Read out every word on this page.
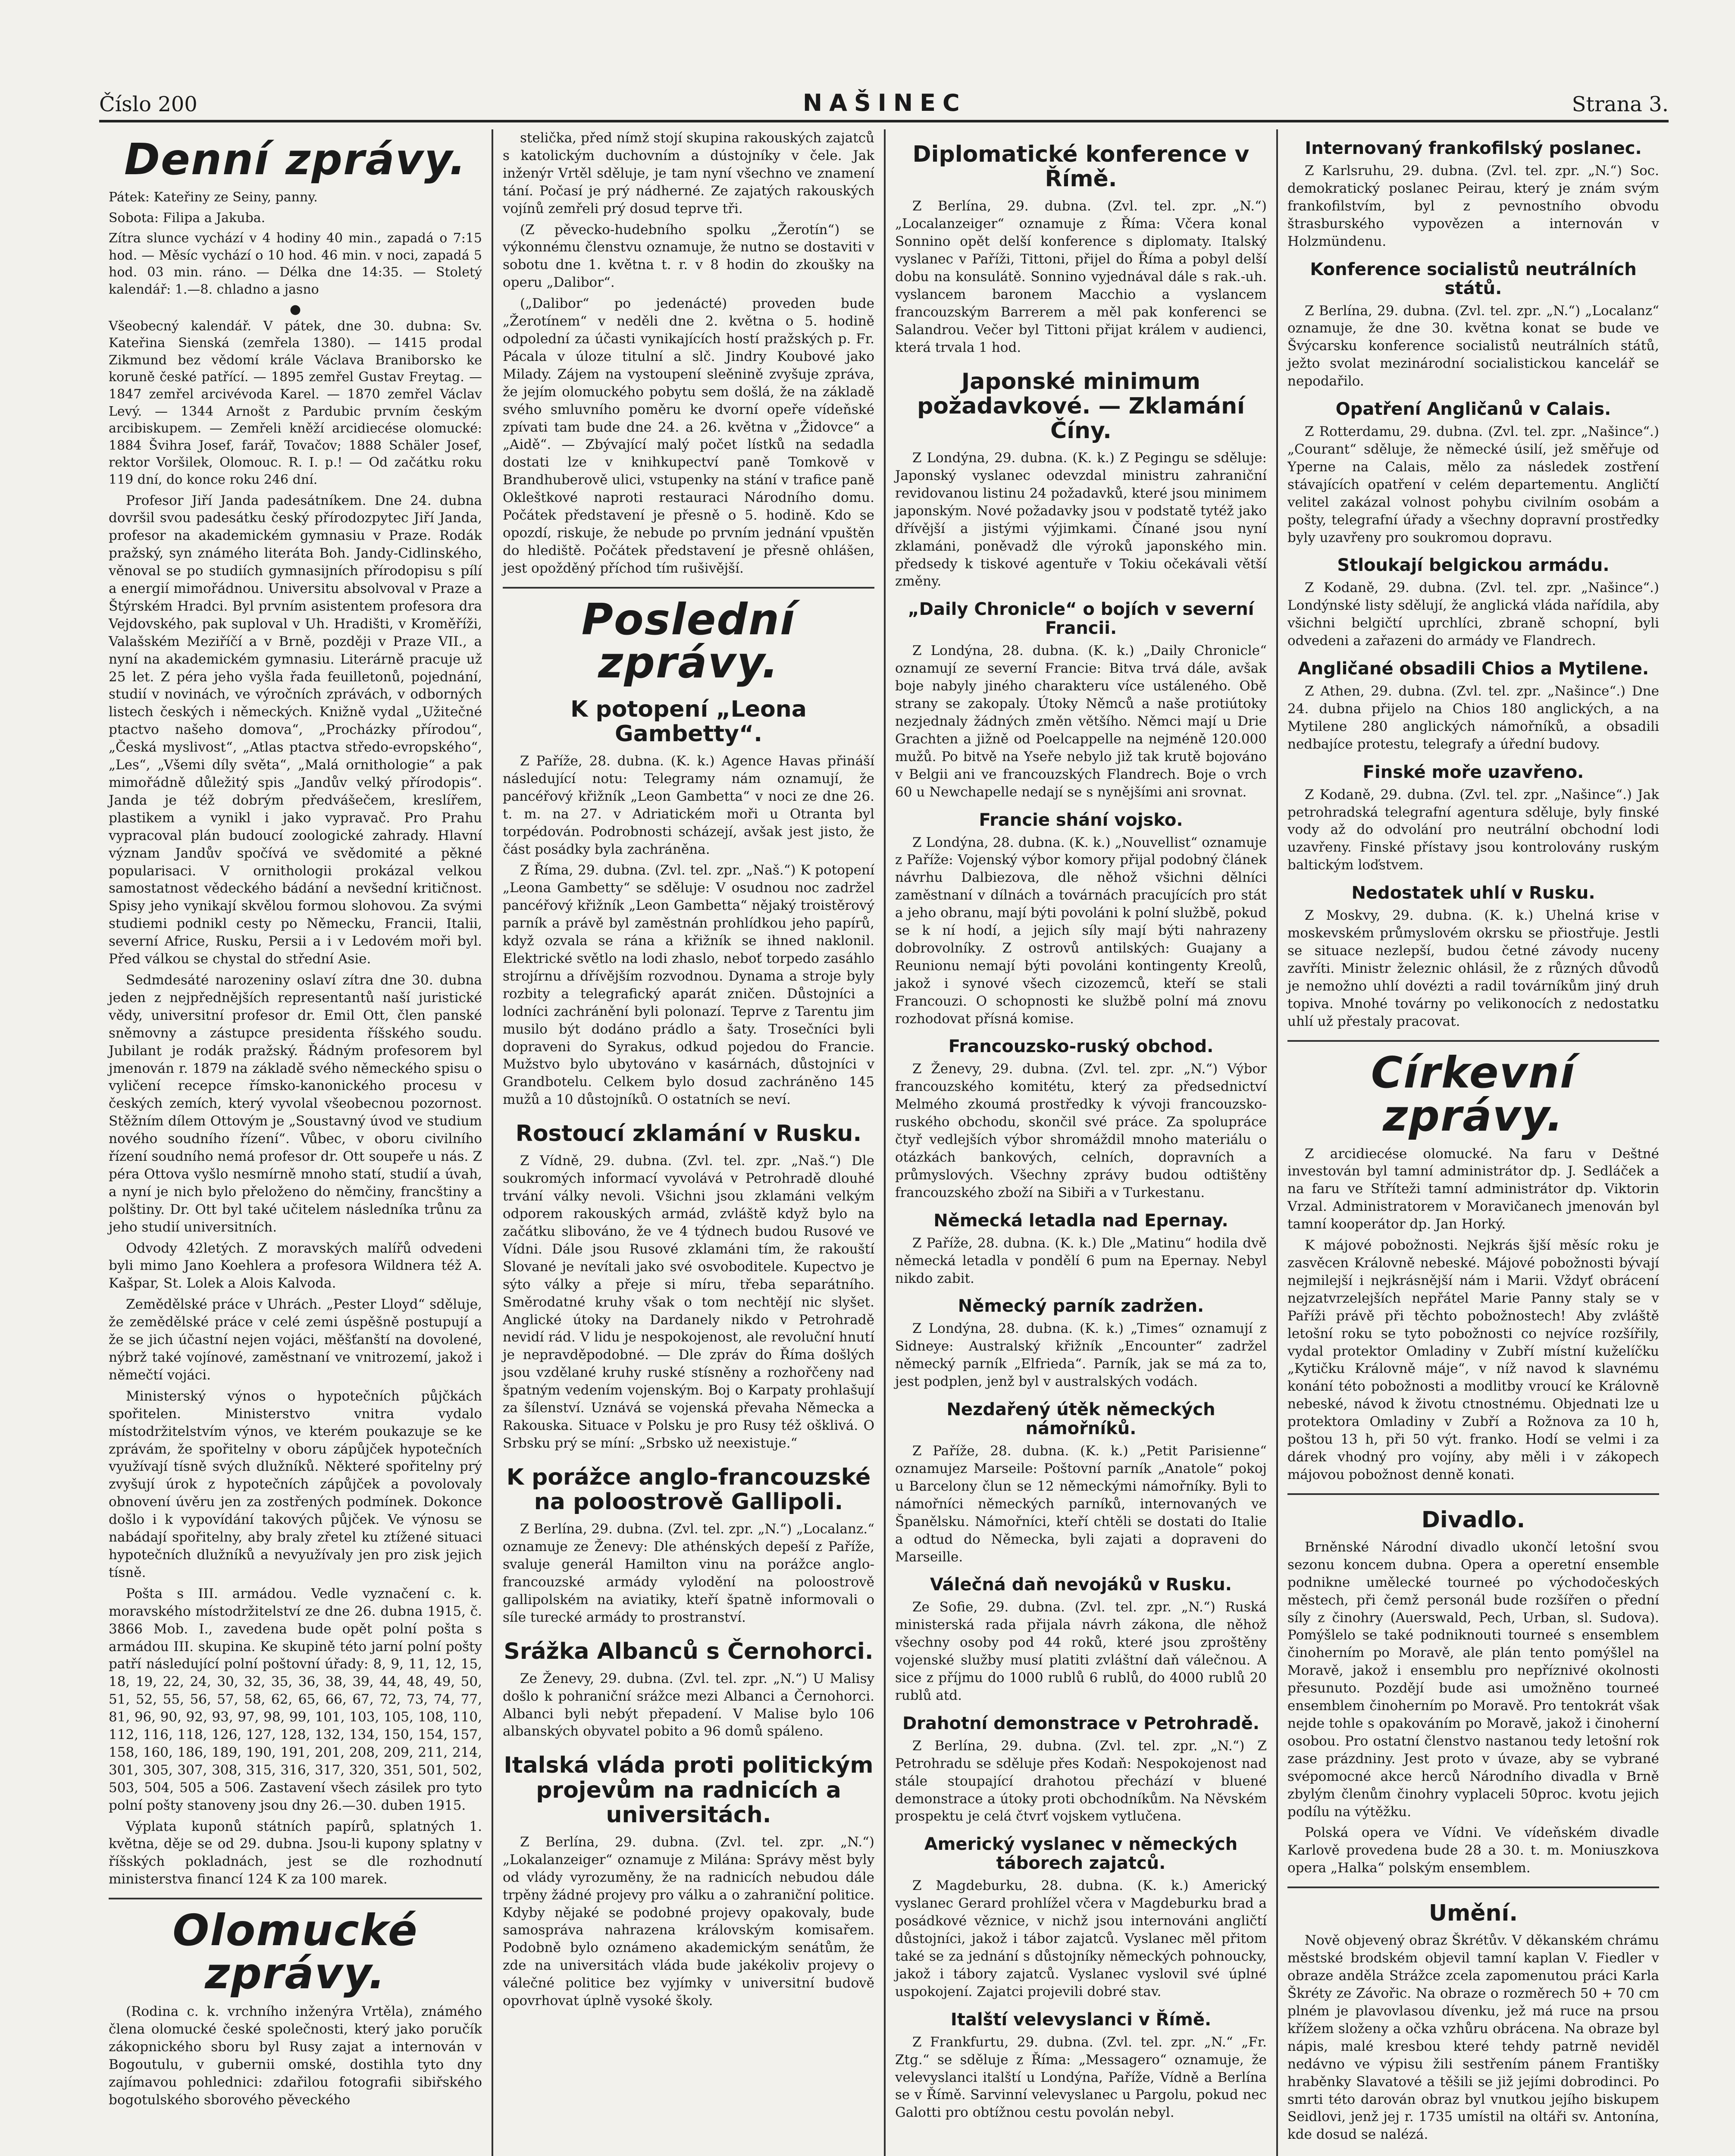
Číslo 200	NAŠINEC	Strana 3.
Denní zprávy.

Pátek: Kateřiny ze Seiny, panny.

Sobota: Filipa a Jakuba.

Zítra slunce vychází v 4 hodiny 40 min., zapadá o 7:15 hod. — Měsíc vychází o 10 hod. 46 min. v noci, zapadá 5 hod. 03 min. ráno. — Délka dne 14:35. — Stoletý kalendář: 1.—8. chladno a jasno

●

Všeobecný kalendář. V pátek, dne 30. dubna: Sv. Kateřina Sienská (zemřela 1380). — 1415 prodal Zikmund bez vědomí krále Václava Braniborsko ke koruně české patřící. — 1895 zemřel Gustav Freytag. — 1847 zemřel arcivévoda Karel. — 1870 zemřel Václav Levý. — 1344 Arnošt z Pardubic prvním českým arcibiskupem. — Zemřeli kněží arcidiecése olomucké: 1884 Švihra Josef, farář, Tovačov; 1888 Schäler Josef, rektor Voršilek, Olomouc. R. I. p.! — Od začátku roku 119 dní, do konce roku 246 dní.

Profesor Jiří Janda padesátníkem. Dne 24. dubna dovršil svou padesátku český přírodozpytec Jiří Janda, profesor na akademickém gymnasiu v Praze. Rodák pražský, syn známého literáta Boh. Jandy-Cidlinského, věnoval se po studiích gymnasijních přírodopisu s pílí a energií mimořádnou. Universitu absolvoval v Praze a Štýrském Hradci. Byl prvním asistentem profesora dra Vejdovského, pak suploval v Uh. Hradišti, v Kroměříži, Valašském Meziříčí a v Brně, později v Praze VII., a nyní na akademickém gymnasiu. Literárně pracuje už 25 let. Z péra jeho vyšla řada feuilletonů, pojednání, studií v novinách, ve výročních zprávách, v odborných listech českých i německých. Knižně vydal „Užitečné ptactvo našeho domova“, „Procházky přírodou“, „Česká myslivost“, „Atlas ptactva středo-evropského“, „Les“, „Všemi díly světa“, „Malá ornithologie“ a pak mimořádně důležitý spis „Jandův velký přírodopis“. Janda je též dobrým předvášečem, kreslířem, plastikem a vynikl i jako vypravač. Pro Prahu vypracoval plán budoucí zoologické zahrady. Hlavní význam Jandův spočívá ve svědomité a pěkné popularisaci. V ornithologii prokázal velkou samostatnost vědeckého bádání a nevšední kritičnost. Spisy jeho vynikají skvělou formou slohovou. Za svými studiemi podnikl cesty po Německu, Francii, Italii, severní Africe, Rusku, Persii a i v Ledovém moři byl. Před válkou se chystal do střední Asie.

Sedmdesáté narozeniny oslaví zítra dne 30. dubna jeden z nejpřednějších representantů naší juristické vědy, universitní profesor dr. Emil Ott, člen panské sněmovny a zástupce presidenta říšského soudu. Jubilant je rodák pražský. Řádným profesorem byl jmenován r. 1879 na základě svého německého spisu o vyličení recepce římsko-kanonického procesu v českých zemích, který vyvolal všeobecnou pozornost. Stěžním dílem Ottovým je „Soustavný úvod ve studium nového soudního řízení“. Vůbec, v oboru civilního řízení soudního nemá profesor dr. Ott soupeře u nás. Z péra Ottova vyšlo nesmírně mnoho statí, studií a úvah, a nyní je nich bylo přeloženo do němčiny, francštiny a polštiny. Dr. Ott byl také učitelem následníka trůnu za jeho studií universitních.

Odvody 42letých. Z moravských malířů odvedeni byli mimo Jano Koehlera a profesora Wildnera též A. Kašpar, St. Lolek a Alois Kalvoda.

Zemědělské práce v Uhrách. „Pester Lloyd“ sděluje, že zemědělské práce v celé zemi úspěšně postupují a že se jich účastní nejen vojáci, měšťanští na dovolené, nýbrž také vojínové, zaměstnaní ve vnitrozemí, jakož i němečtí vojáci.

Ministerský výnos o hypotečních půjčkách spořitelen. Ministerstvo vnitra vydalo místodržitelstvím výnos, ve kterém poukazuje se ke zprávám, že spořitelny v oboru zápůjček hypotečních využívají tísně svých dlužníků. Některé spořitelny prý zvyšují úrok z hypotečních zápůjček a povolovaly obnovení úvěru jen za zostřených podmínek. Dokonce došlo i k vypovídání takových půjček. Ve výnosu se nabádají spořitelny, aby braly zřetel ku ztížené situaci hypotečních dlužníků a nevyužívaly jen pro zisk jejich tísně.

Pošta s III. armádou. Vedle vyznačení c. k. moravského místodržitelství ze dne 26. dubna 1915, č. 3866 Mob. I., zavedena bude opět polní pošta s armádou III. skupina. Ke skupině této jarní polní pošty patří následující polní poštovní úřady: 8, 9, 11, 12, 15, 18, 19, 22, 24, 30, 32, 35, 36, 38, 39, 44, 48, 49, 50, 51, 52, 55, 56, 57, 58, 62, 65, 66, 67, 72, 73, 74, 77, 81, 96, 90, 92, 93, 97, 98, 99, 101, 103, 105, 108, 110, 112, 116, 118, 126, 127, 128, 132, 134, 150, 154, 157, 158, 160, 186, 189, 190, 191, 201, 208, 209, 211, 214, 301, 305, 307, 308, 315, 316, 317, 320, 351, 501, 502, 503, 504, 505 a 506. Zastavení všech zásilek pro tyto polní pošty stanoveny jsou dny 26.—30. duben 1915.

Výplata kuponů státních papírů, splatných 1. května, děje se od 29. dubna. Jsou-li kupony splatny v říšských pokladnách, jest se dle rozhodnutí ministerstva financí 124 K za 100 marek.

Olomucké zprávy.

(Rodina c. k. vrchního inženýra Vrtěla), známého člena olomucké české společnosti, který jako poručík zákopnického sboru byl Rusy zajat a internován v Bogoutulu, v gubernii omské, dostihla tyto dny zajímavou pohlednici: zdařilou fotografii sibiřského bogotulského sborového pěveckého

stelička, před nímž stojí skupina rakouských zajatců s katolickým duchovním a dústojníky v čele. Jak inženýr Vrtěl sděluje, je tam nyní všechno ve znamení tání. Počasí je prý nádherné. Ze zajatých rakouských vojínů zemřeli prý dosud teprve tři.

(Z pěvecko-hudebního spolku „Žerotín“) se výkonnému členstvu oznamuje, že nutno se dostaviti v sobotu dne 1. května t. r. v 8 hodin do zkoušky na operu „Dalibor“.

(„Dalibor“ po jedenácté) proveden bude „Žerotínem“ v neděli dne 2. května o 5. hodině odpolední za účasti vynikajících hostí pražských p. Fr. Pácala v úloze titulní a slč. Jindry Koubové jako Milady. Zájem na vystoupení sleěnině zvyšuje zpráva, že jejím olomuckého pobytu sem došlá, že na základě svého smluvního poměru ke dvorní opeře vídeňské zpívati tam bude dne 24. a 26. května v „Židovce“ a „Aidě“. — Zbývající malý počet lístků na sedadla dostati lze v knihkupectví paně Tomkově v Brandhuberově ulici, vstupenky na stání v trafice paně Okleštkové naproti restauraci Národního domu. Počátek představení je přesně o 5. hodině. Kdo se opozdí, riskuje, že nebude po prvním jednání vpuštěn do hlediště. Počátek představení je přesně ohlášen, jest opožděný příchod tím rušivější.

Poslední zprávy.
K potopení „Leona Gambetty“.

Z Paříže, 28. dubna. (K. k.) Agence Havas přináší následující notu: Telegramy nám oznamují, že pancéřový křižník „Leon Gambetta“ v noci ze dne 26. t. m. na 27. v Adriatickém moři u Otranta byl torpédován. Podrobnosti scházejí, avšak jest jisto, že část posádky byla zachráněna.

Z Říma, 29. dubna. (Zvl. tel. zpr. „Naš.“) K potopení „Leona Gambetty“ se sděluje: V osudnou noc zadržel pancéřový křižník „Leon Gambetta“ nějaký troistěrový parník a právě byl zaměstnán prohlídkou jeho papírů, když ozvala se rána a křižník se ihned naklonil. Elektrické světlo na lodi zhaslo, neboť torpedo zasáhlo strojírnu a dřívějším rozvodnou. Dynama a stroje byly rozbity a telegrafický aparát zničen. Důstojníci a lodníci zachránění byli polonazí. Teprve z Tarentu jim musilo být dodáno prádlo a šaty. Trosečníci byli dopraveni do Syrakus, odkud pojedou do Francie. Mužstvo bylo ubytováno v kasárnách, důstojníci v Grandbotelu. Celkem bylo dosud zachráněno 145 mužů a 10 důstojníků. O ostatních se neví.

Rostoucí zklamání v Rusku.

Z Vídně, 29. dubna. (Zvl. tel. zpr. „Naš.“) Dle soukromých informací vyvolává v Petrohradě dlouhé trvání války nevoli. Všichni jsou zklamáni velkým odporem rakouských armád, zvláště když bylo na začátku slibováno, že ve 4 týdnech budou Rusové ve Vídni. Dále jsou Rusové zklamáni tím, že rakouští Slované je nevítali jako své osvoboditele. Kupectvo je sýto války a přeje si míru, třeba separátního. Směrodatné kruhy však o tom nechtějí nic slyšet. Anglické útoky na Dardanely nikdo v Petrohradě nevidí rád. V lidu je nespokojenost, ale revoluční hnutí je nepravděpodobné. — Dle zpráv do Říma došlých jsou vzdělané kruhy ruské stísněny a rozhořčeny nad špatným vedením vojenským. Boj o Karpaty prohlašují za šílenství. Uznává se vojenská převaha Německa a Rakouska. Situace v Polsku je pro Rusy též ošklivá. O Srbsku prý se míní: „Srbsko už neexistuje.“

K porážce anglo-francouzské na poloostrově Gallipoli.

Z Berlína, 29. dubna. (Zvl. tel. zpr. „N.“) „Localanz.“ oznamuje ze Ženevy: Dle athénských depeší z Paříže, svaluje generál Hamilton vinu na porážce anglo-francouzské armády vylodění na poloostrově gallipolském na aviatiky, kteří špatně informovali o síle turecké armády to prostranství.

Srážka Albanců s Černohorci.

Ze Ženevy, 29. dubna. (Zvl. tel. zpr. „N.“) U Malisy došlo k pohraniční srážce mezi Albanci a Černohorci. Albanci byli nebýt přepadení. V Malise bylo 106 albanských obyvatel pobito a 96 domů spáleno.

Italská vláda proti politickým projevům na radnicích a universitách.

Z Berlína, 29. dubna. (Zvl. tel. zpr. „N.“) „Lokalanzeiger“ oznamuje z Milána: Správy měst byly od vlády vyrozuměny, že na radnicích nebudou dále trpěny žádné projevy pro válku a o zahraniční politice. Kdyby nějaké se podobné projevy opakovaly, bude samospráva nahrazena královským komisařem. Podobně bylo oznámeno akademickým senátům, že zde na universitách vláda bude jakékoliv projevy o válečné politice bez vyjímky v universitní budově opovrhovat úplně vysoké školy.

Diplomatické konference v Římě.

Z Berlína, 29. dubna. (Zvl. tel. zpr. „N.“) „Localanzeiger“ oznamuje z Říma: Včera konal Sonnino opět delší konference s diplomaty. Italský vyslanec v Paříži, Tittoni, přijel do Říma a pobyl delší dobu na konsulátě. Sonnino vyjednával dále s rak.-uh. vyslancem baronem Macchio a vyslancem francouzským Barrerem a měl pak konferenci se Salandrou. Večer byl Tittoni přijat králem v audienci, která trvala 1 hod.

Japonské minimum požadavkové. — Zklamání Číny.

Z Londýna, 29. dubna. (K. k.) Z Pegingu se sděluje: Japonský vyslanec odevzdal ministru zahraniční revidovanou listinu 24 požadavků, které jsou minimem japonským. Nové požadavky jsou v podstatě tytéž jako dřívější a jistými výjimkami. Čínané jsou nyní zklamáni, poněvadž dle výroků japonského min. předsedy k tiskové agentuře v Tokiu očekávali větší změny.

„Daily Chronicle“ o bojích v severní Francii.

Z Londýna, 28. dubna. (K. k.) „Daily Chronicle“ oznamují ze severní Francie: Bitva trvá dále, avšak boje nabyly jiného charakteru více ustáleného. Obě strany se zakopaly. Útoky Němců a naše protiútoky nezjednaly žádných změn většího. Němci mají u Drie Grachten a jižně od Poelcappelle na nejméně 120.000 mužů. Po bitvě na Yseře nebylo již tak krutě bojováno v Belgii ani ve francouzských Flandrech. Boje o vrch 60 u Newchapelle nedají se s nynějšími ani srovnat.

Francie shání vojsko.

Z Londýna, 28. dubna. (K. k.) „Nouvellist“ oznamuje z Paříže: Vojenský výbor komory přijal podobný článek návrhu Dalbiezova, dle něhož všichni dělníci zaměstnaní v dílnách a továrnách pracujících pro stát a jeho obranu, mají býti povoláni k polní službě, pokud se k ní hodí, a jejich síly mají býti nahrazeny dobrovolníky. Z ostrovů antilských: Guajany a Reunionu nemají býti povoláni kontingenty Kreolů, jakož i synové všech cizozemců, kteří se stali Francouzi. O schopnosti ke službě polní má znovu rozhodovat přísná komise.

Francouzsko-ruský obchod.

Z Ženevy, 29. dubna. (Zvl. tel. zpr. „N.“) Výbor francouzského komitétu, který za předsednictví Melmého zkoumá prostředky k vývoji francouzsko-ruského obchodu, skončil své práce. Za spolupráce čtyř vedlejších výbor shromáždil mnoho materiálu o otázkách bankových, celních, dopravních a průmyslových. Všechny zprávy budou odtištěny francouzského zboží na Sibiři a v Turkestanu.

Německá letadla nad Epernay.

Z Paříže, 28. dubna. (K. k.) Dle „Matinu“ hodila dvě německá letadla v pondělí 6 pum na Epernay. Nebyl nikdo zabit.

Německý parník zadržen.

Z Londýna, 28. dubna. (K. k.) „Times“ oznamují z Sidneye: Australský křižník „Encounter“ zadržel německý parník „Elfrieda“. Parník, jak se má za to, jest podplen, jenž byl v australských vodách.

Nezdařený útěk německých námořníků.

Z Paříže, 28. dubna. (K. k.) „Petit Parisienne“ oznamujez Marseile: Poštovní parník „Anatole“ pokoj u Barcelony člun se 12 německými námořníky. Byli to námořníci německých parníků, internovaných ve Španělsku. Námořníci, kteří chtěli se dostati do Italie a odtud do Německa, byli zajati a dopraveni do Marseille.

Válečná daň nevojáků v Rusku.

Ze Sofie, 29. dubna. (Zvl. tel. zpr. „N.“) Ruská ministerská rada přijala návrh zákona, dle něhož všechny osoby pod 44 roků, které jsou zproštěny vojenské služby musí platiti zvláštní daň válečnou. A sice z příjmu do 1000 rublů 6 rublů, do 4000 rublů 20 rublů atd.

Drahotní demonstrace v Petrohradě.

Z Berlína, 29. dubna. (Zvl. tel. zpr. „N.“) Z Petrohradu se sděluje přes Kodaň: Nespokojenost nad stále stoupající drahotou přechází v bluené demonstrace a útoky proti obchodníkům. Na Něvském prospektu je celá čtvrť vojskem vytlučena.

Americký vyslanec v německých táborech zajatců.

Z Magdeburku, 28. dubna. (K. k.) Americký vyslanec Gerard prohlížel včera v Magdeburku brad a posádkové věznice, v nichž jsou internováni angličtí důstojníci, jakož i tábor zajatců. Vyslanec měl přitom také se za jednání s důstojníky německých pohnoucky, jakož i tábory zajatců. Vyslanec vyslovil své úplné uspokojení. Zajatci projevili dobré stav.

Italští velevyslanci v Římě.

Z Frankfurtu, 29. dubna. (Zvl. tel. zpr. „N.“ „Fr. Ztg.“ se sděluje z Říma: „Messagero“ oznamuje, že velevyslanci italští u Londýna, Paříže, Vídně a Berlína se v Římě. Sarvinní velevyslanec u Pargolu, pokud nec Galotti pro obtížnou cestu povolán nebyl.

Internovaný frankofilský poslanec.

Z Karlsruhu, 29. dubna. (Zvl. tel. zpr. „N.“) Soc. demokratický poslanec Peirau, který je znám svým frankofilstvím, byl z pevnostního obvodu štrasburského vypovězen a internován v Holzmündenu.

Konference socialistů neutrálních států.

Z Berlína, 29. dubna. (Zvl. tel. zpr. „N.“) „Localanz“ oznamuje, že dne 30. května konat se bude ve Švýcarsku konference socialistů neutrálních států, ježto svolat mezinárodní socialistickou kancelář se nepodařilo.

Opatření Angličanů v Calais.

Z Rotterdamu, 29. dubna. (Zvl. tel. zpr. „Našince“.) „Courant“ sděluje, že německé úsilí, jež směřuje od Yperne na Calais, mělo za následek zostření stávajících opatření v celém departementu. Angličtí velitel zakázal volnost pohybu civilním osobám a pošty, telegrafní úřady a všechny dopravní prostředky byly uzavřeny pro soukromou dopravu.

Stloukají belgickou armádu.

Z Kodaně, 29. dubna. (Zvl. tel. zpr. „Našince“.) Londýnské listy sdělují, že anglická vláda nařídila, aby všichni belgičtí uprchlíci, zbraně schopní, byli odvedeni a zařazeni do armády ve Flandrech.

Angličané obsadili Chios a Mytilene.

Z Athen, 29. dubna. (Zvl. tel. zpr. „Našince“.) Dne 24. dubna přijelo na Chios 180 anglických, a na Mytilene 280 anglických námořníků, a obsadili nedbajíce protestu, telegrafy a úřední budovy.

Finské moře uzavřeno.

Z Kodaně, 29. dubna. (Zvl. tel. zpr. „Našince“.) Jak petrohradská telegrafní agentura sděluje, byly finské vody až do odvolání pro neutrální obchodní lodi uzavřeny. Finské přístavy jsou kontrolovány ruským baltickým loďstvem.

Nedostatek uhlí v Rusku.

Z Moskvy, 29. dubna. (K. k.) Uhelná krise v moskevském průmyslovém okrsku se přiostřuje. Jestli se situace nezlepší, budou četné závody nuceny zavříti. Ministr železnic ohlásil, že z různých důvodů je nemožno uhlí dovézti a radil továrníkům jiný druh topiva. Mnohé továrny po velikonocích z nedostatku uhlí už přestaly pracovat.

Církevní zprávy.

Z arcidiecése olomucké. Na faru v Deštné investován byl tamní administrátor dp. J. Sedláček a na faru ve Stříteži tamní administrátor dp. Viktorin Vrzal. Administratorem v Moravičanech jmenován byl tamní kooperátor dp. Jan Horký.

K májové pobožnosti. Nejkrás šjší měsíc roku je zasvěcen Královně nebeské. Májové pobožnosti bývají nejmilejší i nejkrásnější nám i Marii. Vždyť obrácení nejzatvrzelejších nepřátel Marie Panny staly se v Paříži právě při těchto pobožnostech! Aby zvláště letošní roku se tyto pobožnosti co nejvíce rozšířily, vydal protektor Omladiny v Zubří místní kuželíčku „Kytičku Královně máje“, v níž navod k slavnému konání této pobožnosti a modlitby vroucí ke Královně nebeské, návod k životu ctnostnému. Objednati lze u protektora Omladiny v Zubří a Rožnova za 10 h, poštou 13 h, při 50 výt. franko. Hodí se velmi i za dárek vhodný pro vojíny, aby měli i v zákopech májovou pobožnost denně konati.

Divadlo.

Brněnské Národní divadlo ukončí letošní svou sezonu koncem dubna. Opera a operetní ensemble podnikne umělecké tourneé po východočeských městech, při čemž personál bude rozšířen o přední síly z činohry (Auerswald, Pech, Urban, sl. Sudova). Pomýšlelo se také podniknouti tourneé s ensemblem činoherním po Moravě, ale plán tento pomýšlel na Moravě, jakož i ensemblu pro nepříznivé okolnosti přesunuto. Pozdějí bude asi umožněno tourneé ensemblem činoherním po Moravě. Pro tentokrát však nejde tohle s opakováním po Moravě, jakož i činoherní osobou. Pro ostatní členstvo nastanou tedy letošní rok zase prázdniny. Jest proto v úvaze, aby se vybrané svépomocné akce herců Národního divadla v Brně zbylým členům činohry vyplaceli 50proc. kvotu jejich podílu na výtěžku.

Polská opera ve Vídni. Ve vídeňském divadle Karlově provedena bude 28 a 30. t. m. Moniuszkova opera „Halka“ polským ensemblem.

Umění.

Nově objevený obraz Škrétův. V děkanském chrámu městské brodském objevil tamní kaplan V. Fiedler v obraze anděla Strážce zcela zapomenutou práci Karla Škréty ze Závořic. Na obraze o rozměrech 50 + 70 cm plném je plavovlasou dívenku, jež má ruce na prsou křížem složeny a očka vzhůru obrácena. Na obraze byl nápis, malé kresbou které tehdy patrně neviděl nedávno ve výpisu žili sestřením pánem Františky hraběnky Slavatové a těšili se již jejími dobrodinci. Po smrti této darován obraz byl vnutkou jejího biskupem Seidlovi, jenž jej r. 1735 umístil na oltáři sv. Antonína, kde dosud se nalézá.
